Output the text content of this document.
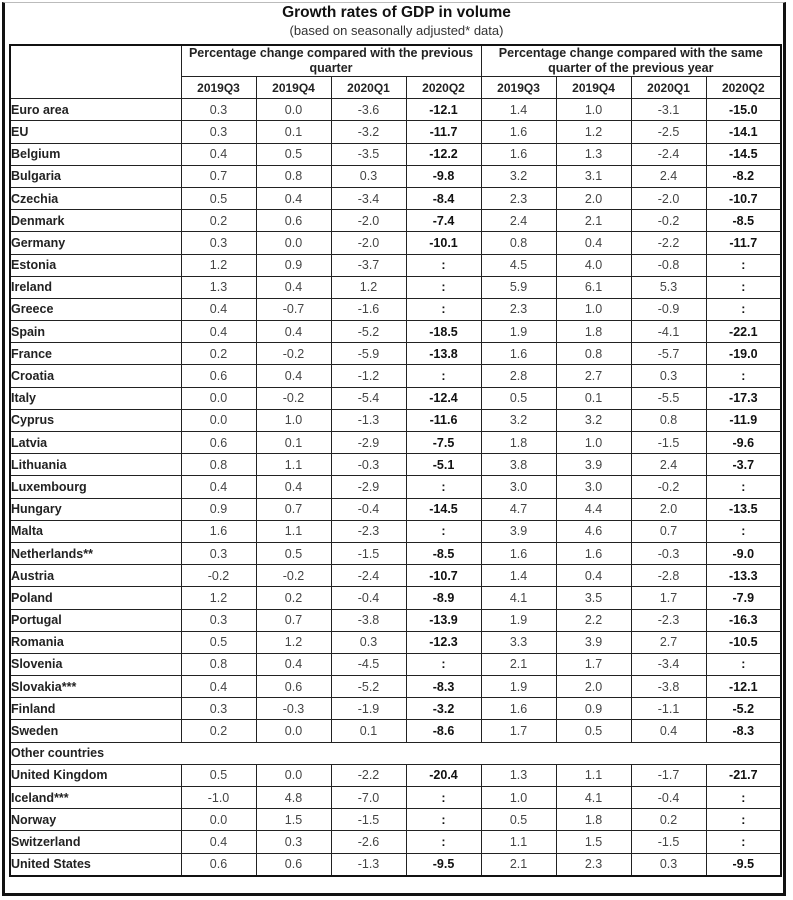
Growth rates of GDP in volume
(based on seasonally adjusted* data)
	Percentage change compared with the previous quarter				Percentage change compared with the same quarter of the previous year			
	2019Q3	2019Q4	2020Q1	2020Q2	2019Q3	2019Q4	2020Q1	2020Q2
Euro area	0.3	0.0	-3.6	-12.1	1.4	1.0	-3.1	-15.0
EU	0.3	0.1	-3.2	-11.7	1.6	1.2	-2.5	-14.1
Belgium	0.4	0.5	-3.5	-12.2	1.6	1.3	-2.4	-14.5
Bulgaria	0.7	0.8	0.3	-9.8	3.2	3.1	2.4	-8.2
Czechia	0.5	0.4	-3.4	-8.4	2.3	2.0	-2.0	-10.7
Denmark	0.2	0.6	-2.0	-7.4	2.4	2.1	-0.2	-8.5
Germany	0.3	0.0	-2.0	-10.1	0.8	0.4	-2.2	-11.7
Estonia	1.2	0.9	-3.7	:	4.5	4.0	-0.8	:
Ireland	1.3	0.4	1.2	:	5.9	6.1	5.3	:
Greece	0.4	-0.7	-1.6	:	2.3	1.0	-0.9	:
Spain	0.4	0.4	-5.2	-18.5	1.9	1.8	-4.1	-22.1
France	0.2	-0.2	-5.9	-13.8	1.6	0.8	-5.7	-19.0
Croatia	0.6	0.4	-1.2	:	2.8	2.7	0.3	:
Italy	0.0	-0.2	-5.4	-12.4	0.5	0.1	-5.5	-17.3
Cyprus	0.0	1.0	-1.3	-11.6	3.2	3.2	0.8	-11.9
Latvia	0.6	0.1	-2.9	-7.5	1.8	1.0	-1.5	-9.6
Lithuania	0.8	1.1	-0.3	-5.1	3.8	3.9	2.4	-3.7
Luxembourg	0.4	0.4	-2.9	:	3.0	3.0	-0.2	:
Hungary	0.9	0.7	-0.4	-14.5	4.7	4.4	2.0	-13.5
Malta	1.6	1.1	-2.3	:	3.9	4.6	0.7	:
Netherlands**	0.3	0.5	-1.5	-8.5	1.6	1.6	-0.3	-9.0
Austria	-0.2	-0.2	-2.4	-10.7	1.4	0.4	-2.8	-13.3
Poland	1.2	0.2	-0.4	-8.9	4.1	3.5	1.7	-7.9
Portugal	0.3	0.7	-3.8	-13.9	1.9	2.2	-2.3	-16.3
Romania	0.5	1.2	0.3	-12.3	3.3	3.9	2.7	-10.5
Slovenia	0.8	0.4	-4.5	:	2.1	1.7	-3.4	:
Slovakia***	0.4	0.6	-5.2	-8.3	1.9	2.0	-3.8	-12.1
Finland	0.3	-0.3	-1.9	-3.2	1.6	0.9	-1.1	-5.2
Sweden	0.2	0.0	0.1	-8.6	1.7	0.5	0.4	-8.3
Other countries								
United Kingdom	0.5	0.0	-2.2	-20.4	1.3	1.1	-1.7	-21.7
Iceland***	-1.0	4.8	-7.0	:	1.0	4.1	-0.4	:
Norway	0.0	1.5	-1.5	:	0.5	1.8	0.2	:
Switzerland	0.4	0.3	-2.6	:	1.1	1.5	-1.5	:
United States	0.6	0.6	-1.3	-9.5	2.1	2.3	0.3	-9.5
